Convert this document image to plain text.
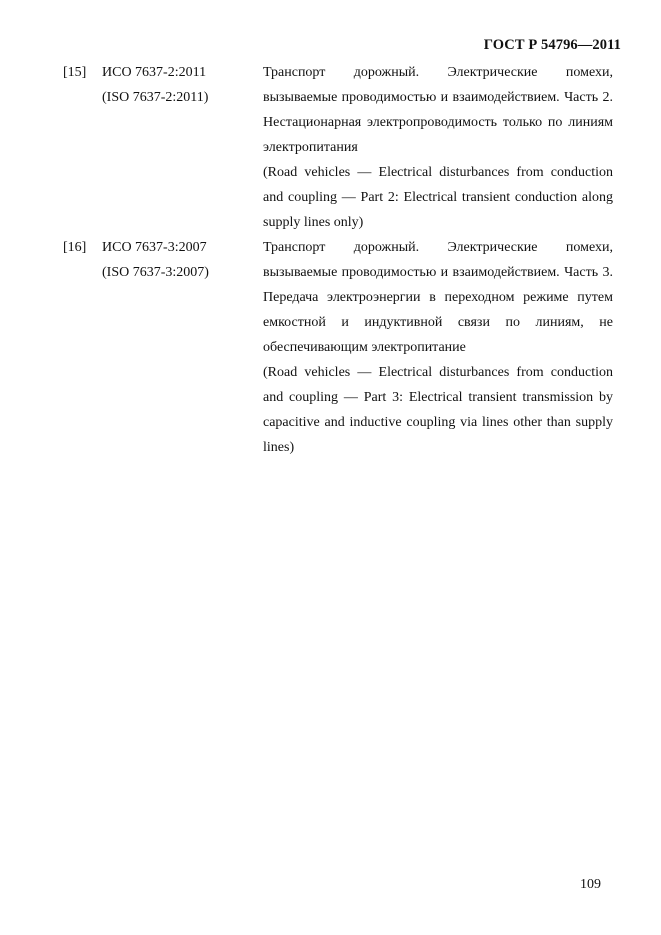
ГОСТ Р 54796—2011
[15] ИСО 7637-2:2011
(ISO 7637-2:2011)

Транспорт дорожный. Электрические помехи, вызываемые проводимостью и взаимодействием. Часть 2. Нестационарная электропроводимость только по линиям электропитания

(Road vehicles — Electrical disturbances from conduction and coupling — Part 2: Electrical transient conduction along supply lines only)

[16] ИСО 7637-3:2007
(ISO 7637-3:2007)

Транспорт дорожный. Электрические помехи, вызываемые проводимостью и взаимодействием. Часть 3. Передача электроэнергии в переходном режиме путем емкостной и индуктивной связи по линиям, не обеспечивающим электропитание

(Road vehicles — Electrical disturbances from conduction and coupling — Part 3: Electrical transient transmission by capacitive and inductive coupling via lines other than supply lines)

109
